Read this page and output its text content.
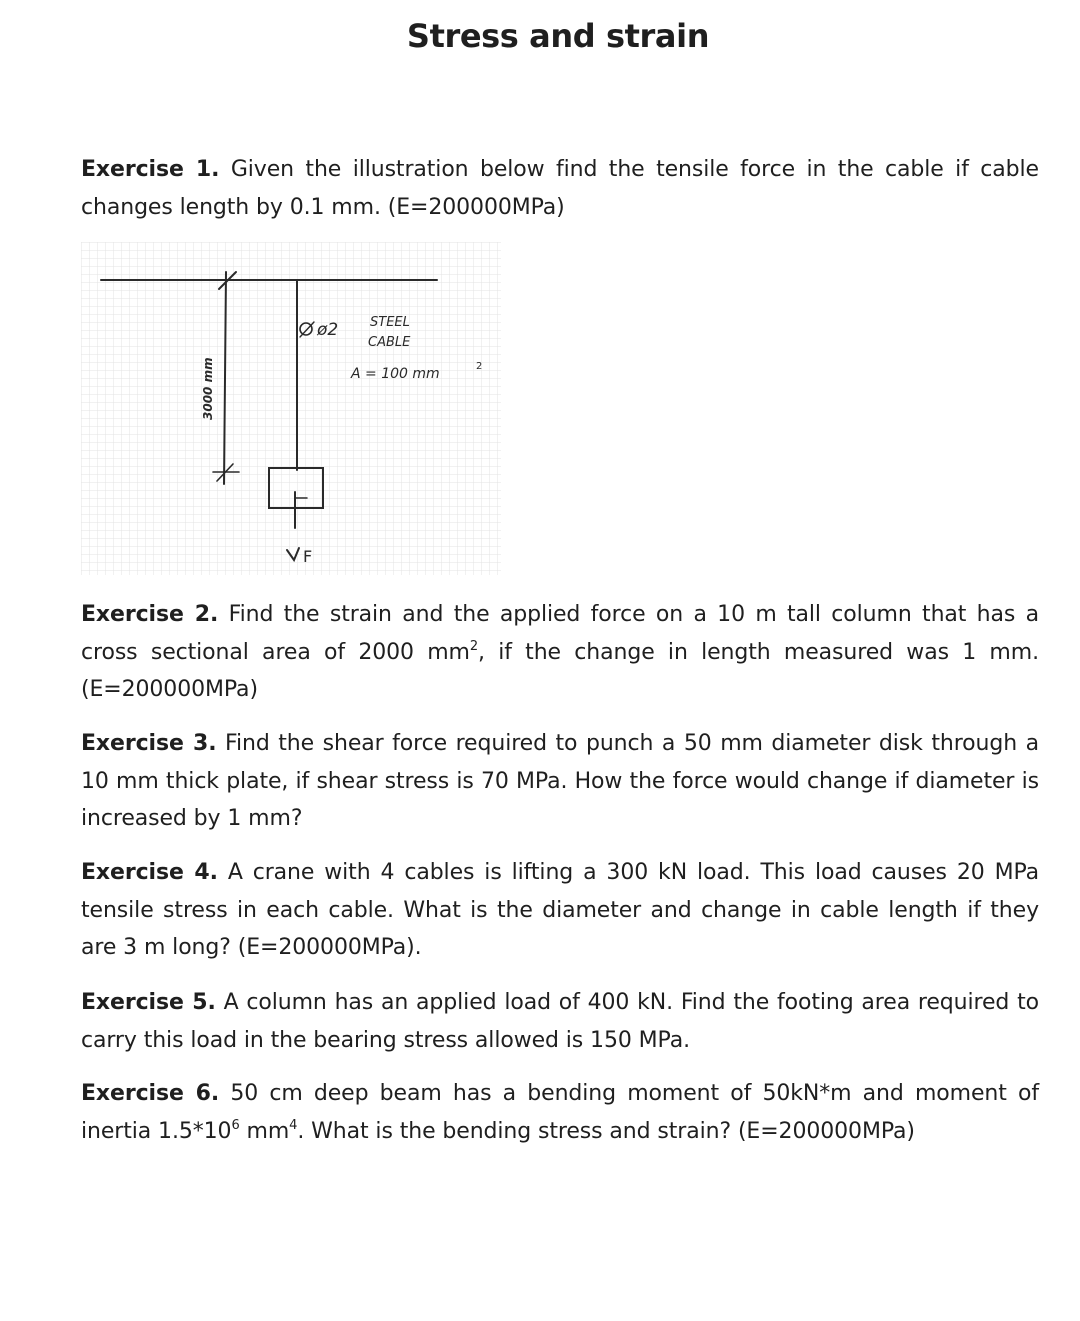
Stress and strain

Exercise 1. Given the illustration below find the tensile force in the cable if cable changes length by 0.1 mm. (E=200000MPa)

ø2 STEEL
CABLE
A = 100 mm	2
3000 mm
F

Exercise 2. Find the strain and the applied force on a 10 m tall column that has a cross sectional area of 2000 $mm^2$, if the change in length measured was 1 mm. (E=200000MPa)

Exercise 3. Find the shear force required to punch a 50 mm diameter disk through a 10 mm thick plate, if shear stress is 70 MPa. How the force would change if diameter is increased by 1 mm?

Exercise 4. A crane with 4 cables is lifting a 300 kN load. This load causes 20 MPa tensile stress in each cable. What is the diameter and change in cable length if they are 3 m long? (E=200000MPa).

Exercise 5. A column has an applied load of 400 kN. Find the footing area required to carry this load in the bearing stress allowed is 150 MPa.

Exercise 6. 50 cm deep beam has a bending moment of 50kN*m and moment of inertia $1.5*10^6$ $mm^4$. What is the bending stress and strain? (E=200000MPa)
